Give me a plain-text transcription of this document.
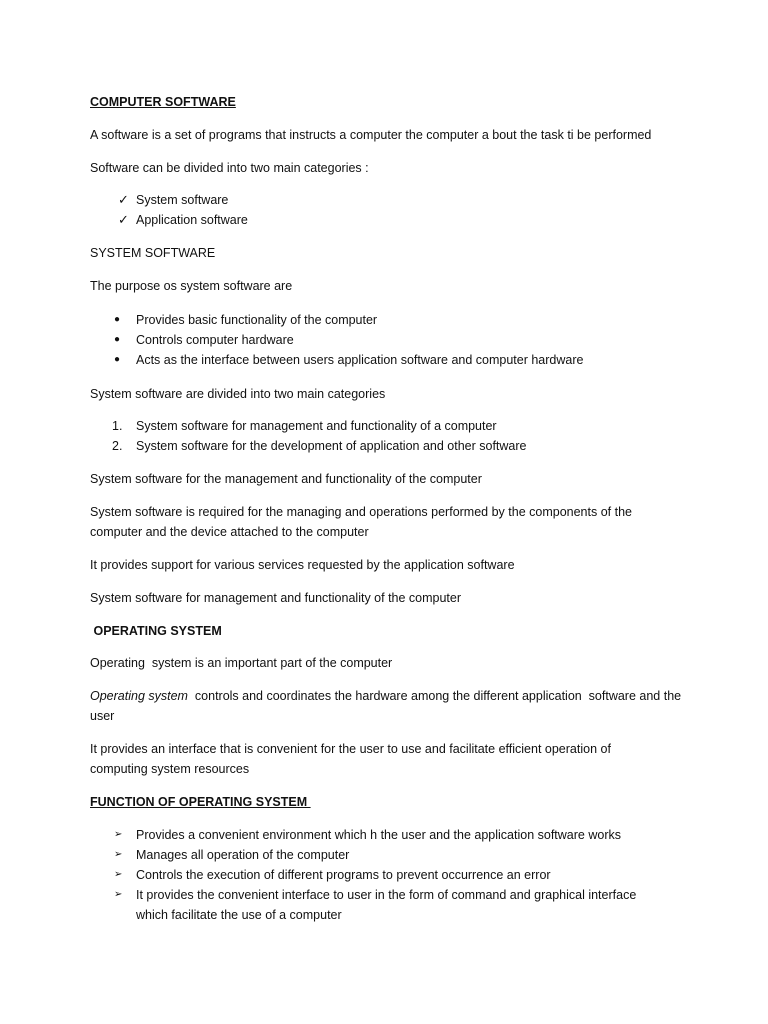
COMPUTER SOFTWARE

A software is a set of programs that instructs a computer the computer a bout the task ti be performed

Software can be divided into two main categories :

✓ System software
✓ Application software

SYSTEM SOFTWARE

The purpose os system software are

●	Provides basic functionality of the computer
●	Controls computer hardware
●	Acts as the interface between users application software and computer hardware

System software are divided into two main categories

1.	System software for management and functionality of a computer
2.	System software for the development of application and other software

System software for the management and functionality of the computer

System software is required for the managing and operations performed by the components of the computer and the device attached to the computer

It provides support for various services requested by the application software

System software for management and functionality of the computer

OPERATING SYSTEM

Operating  system is an important part of the computer

Operating system  controls and coordinates the hardware among the different application  software and the user

It provides an interface that is convenient for the user to use and facilitate efficient operation of computing system resources

FUNCTION OF OPERATING SYSTEM

➢	Provides a convenient environment which h the user and the application software works
➢	Manages all operation of the computer
➢	Controls the execution of different programs to prevent occurrence an error
➢	It provides the convenient interface to user in the form of command and graphical interface which facilitate the use of a computer
